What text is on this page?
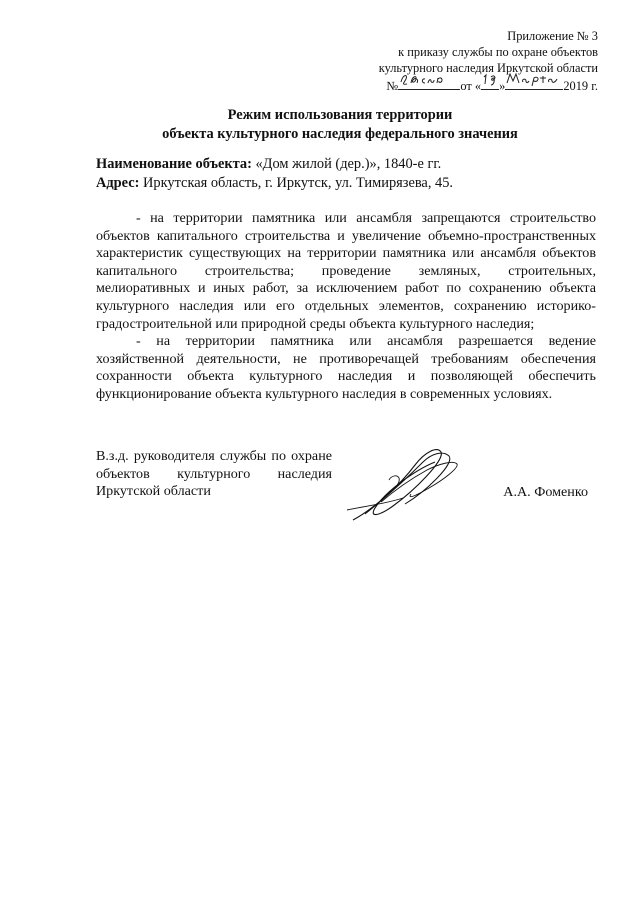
Приложение № 3
к приказу службы по охране объектов
культурного наследия Иркутской области
№	от « »	2019 г.
Режим использования территории
объекта культурного наследия федерального значения
Наименование объекта: «Дом жилой (дер.)», 1840-е гг.
Адрес: Иркутская область, г. Иркутск, ул. Тимирязева, 45.

- на территории памятника или ансамбля запрещаются строительство объектов капитального строительства и увеличение объемно-пространственных характеристик существующих на территории памятника или ансамбля объектов капитального строительства; проведение земляных, строительных, мелиоративных и иных работ, за исключением работ по сохранению объекта культурного наследия или его отдельных элементов, сохранению историко-градостроительной или природной среды объекта культурного наследия;

- на территории памятника или ансамбля разрешается ведение хозяйственной деятельности, не противоречащей требованиям обеспечения сохранности объекта культурного наследия и позволяющей обеспечить функционирование объекта культурного наследия в современных условиях.

В.з.д. руководителя службы по охране объектов культурного наследия Иркутской области	А.А. Фоменко
